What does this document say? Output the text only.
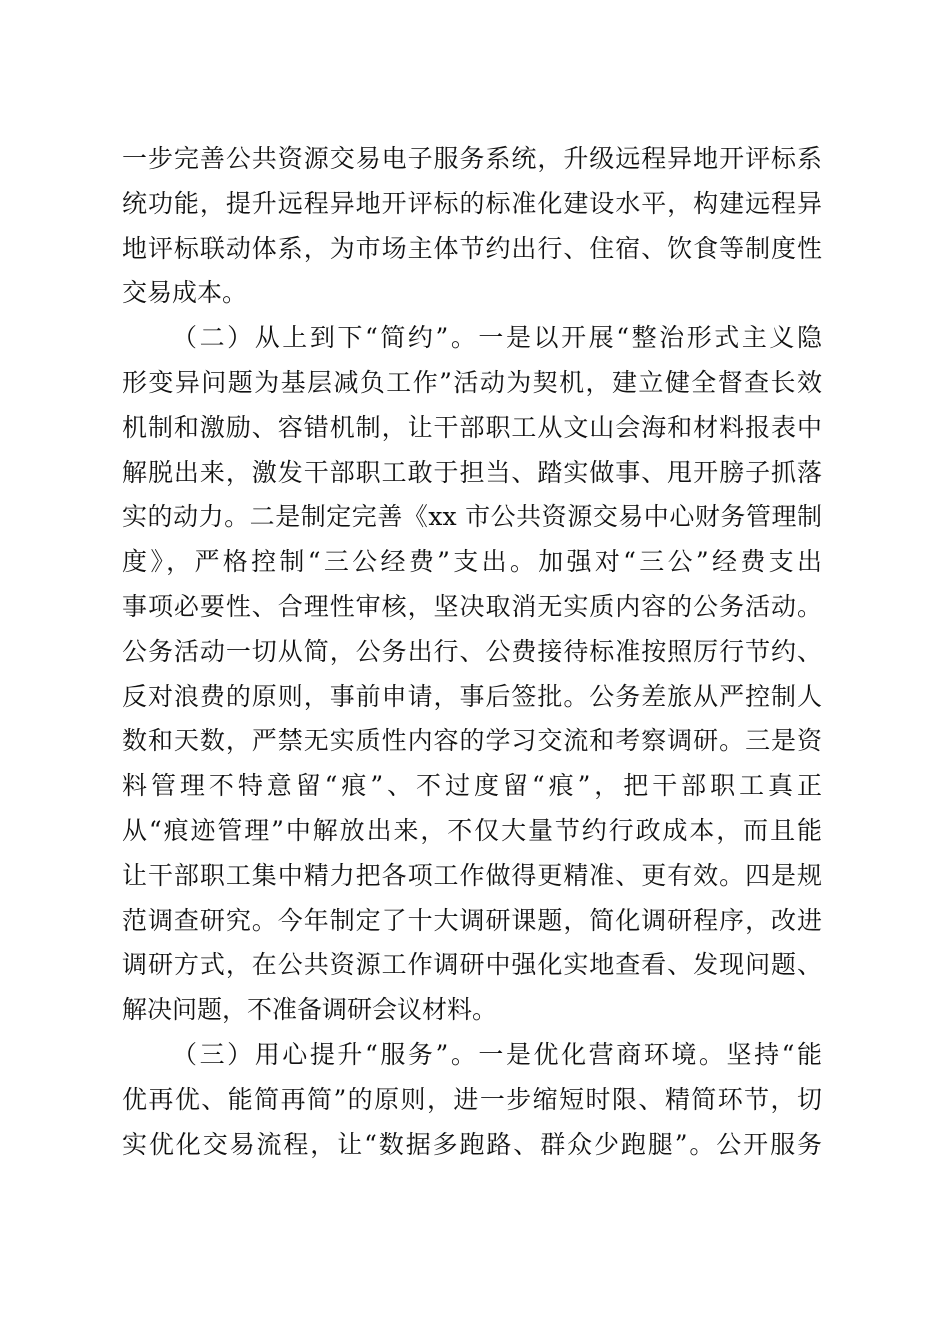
一步完善公共资源交易电子服务系统，升级远程异地开评标系
统功能，提升远程异地开评标的标准化建设水平，构建远程异
地评标联动体系，为市场主体节约出行、住宿、饮食等制度性
交易成本。
（二）从上到下“简约”。一是以开展“整治形式主义隐
形变异问题为基层减负工作”活动为契机，建立健全督查长效
机制和激励、容错机制，让干部职工从文山会海和材料报表中
解脱出来，激发干部职工敢于担当、踏实做事、甩开膀子抓落
实的动力。二是制定完善《xx 市公共资源交易中心财务管理制
度》，严格控制“三公经费”支出。加强对“三公”经费支出
事项必要性、合理性审核，坚决取消无实质内容的公务活动。
公务活动一切从简，公务出行、公费接待标准按照厉行节约、
反对浪费的原则，事前申请，事后签批。公务差旅从严控制人
数和天数，严禁无实质性内容的学习交流和考察调研。三是资
料管理不特意留“痕”、不过度留“痕”，把干部职工真正
从“痕迹管理”中解放出来，不仅大量节约行政成本，而且能
让干部职工集中精力把各项工作做得更精准、更有效。四是规
范调查研究。今年制定了十大调研课题，简化调研程序，改进
调研方式，在公共资源工作调研中强化实地查看、发现问题、
解决问题，不准备调研会议材料。
（三）用心提升“服务”。一是优化营商环境。坚持“能
优再优、能简再简”的原则，进一步缩短时限、精简环节，切
实优化交易流程，让“数据多跑路、群众少跑腿”。公开服务
